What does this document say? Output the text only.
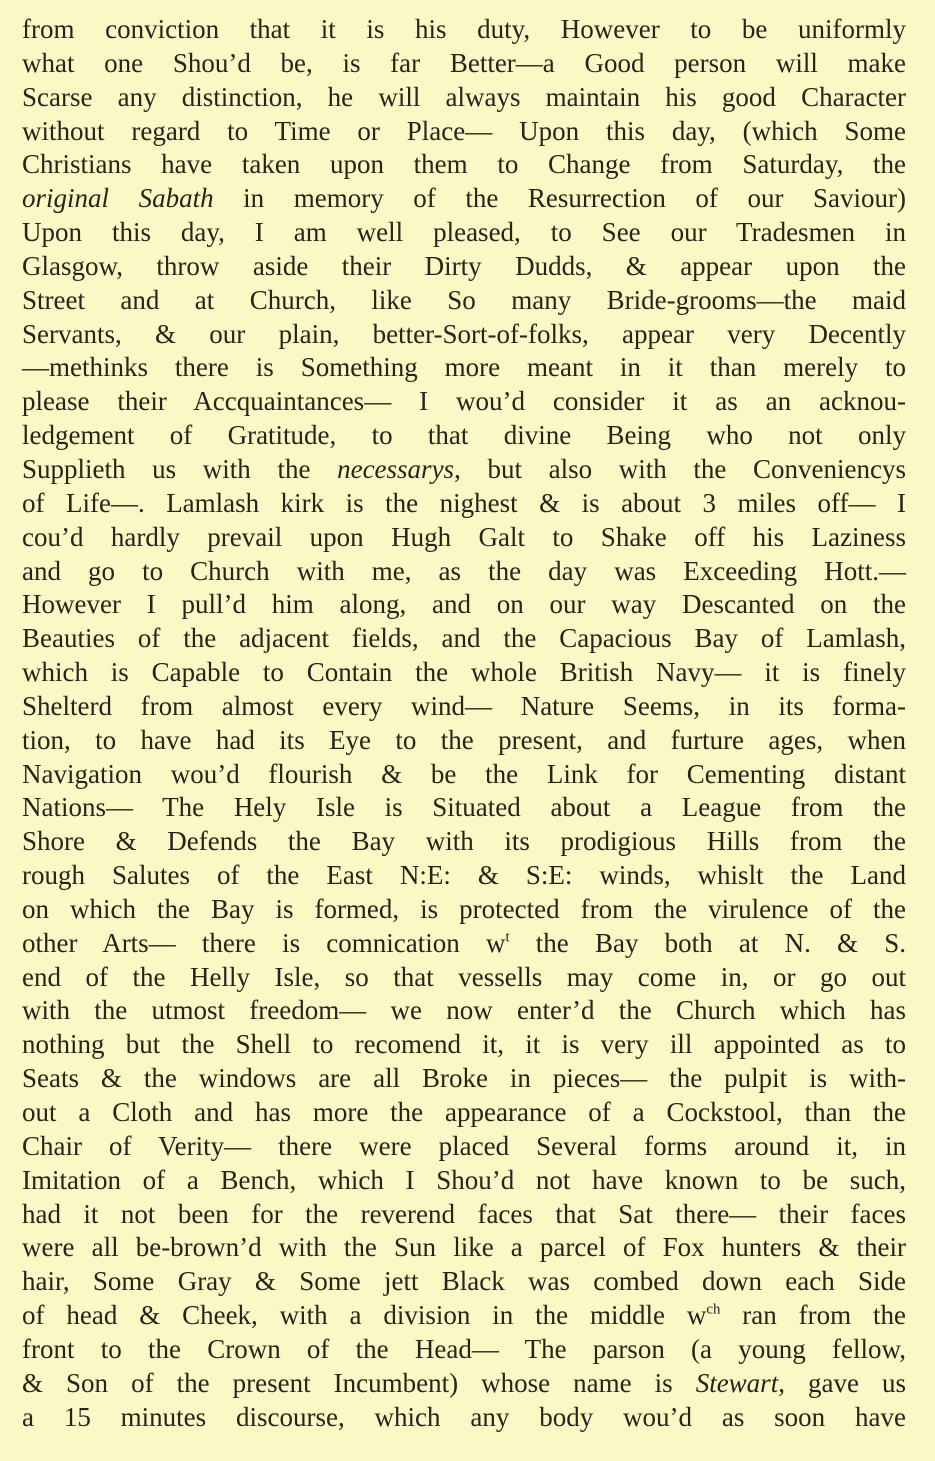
from conviction that it is his duty, However to be uniformly
what one Shou’d be, is far Better—a Good person will make
Scarse any distinction, he will always maintain his good Character
without regard to Time or Place— Upon this day, (which Some
Christians have taken upon them to Change from Saturday, the
original Sabath in memory of the Resurrection of our Saviour)
Upon this day, I am well pleased, to See our Tradesmen in
Glasgow, throw aside their Dirty Dudds, & appear upon the
Street and at Church, like So many Bride-grooms—the maid
Servants, & our plain, better-Sort-of-folks, appear very Decently
—methinks there is Something more meant in it than merely to
please their Accquaintances— I wou’d consider it as an acknou-
ledgement of Gratitude, to that divine Being who not only
Supplieth us with the necessarys, but also with the Conveniencys
of Life—. Lamlash kirk is the nighest & is about 3 miles off— I
cou’d hardly prevail upon Hugh Galt to Shake off his Laziness
and go to Church with me, as the day was Exceeding Hott.—
However I pull’d him along, and on our way Descanted on the
Beauties of the adjacent fields, and the Capacious Bay of Lamlash,
which is Capable to Contain the whole British Navy— it is finely
Shelterd from almost every wind— Nature Seems, in its forma-
tion, to have had its Eye to the present, and furture ages, when
Navigation wou’d flourish & be the Link for Cementing distant
Nations— The Hely Isle is Situated about a League from the
Shore & Defends the Bay with its prodigious Hills from the
rough Salutes of the East N:E: & S:E: winds, whislt the Land
on which the Bay is formed, is protected from the virulence of the
other Arts— there is comnication $w^t$ the Bay both at N. & S.
end of the Helly Isle, so that vessells may come in, or go out
with the utmost freedom— we now enter’d the Church which has
nothing but the Shell to recomend it, it is very ill appointed as to
Seats & the windows are all Broke in pieces— the pulpit is with-
out a Cloth and has more the appearance of a Cockstool, than the
Chair of Verity— there were placed Several forms around it, in
Imitation of a Bench, which I Shou’d not have known to be such,
had it not been for the reverend faces that Sat there— their faces
were all be-brown’d with the Sun like a parcel of Fox hunters & their
hair, Some Gray & Some jett Black was combed down each Side
of head & Cheek, with a division in the middle $w^{ch}$ ran from the
front to the Crown of the Head— The parson (a young fellow,
& Son of the present Incumbent) whose name is Stewart, gave us
a 15 minutes discourse, which any body wou’d as soon have
